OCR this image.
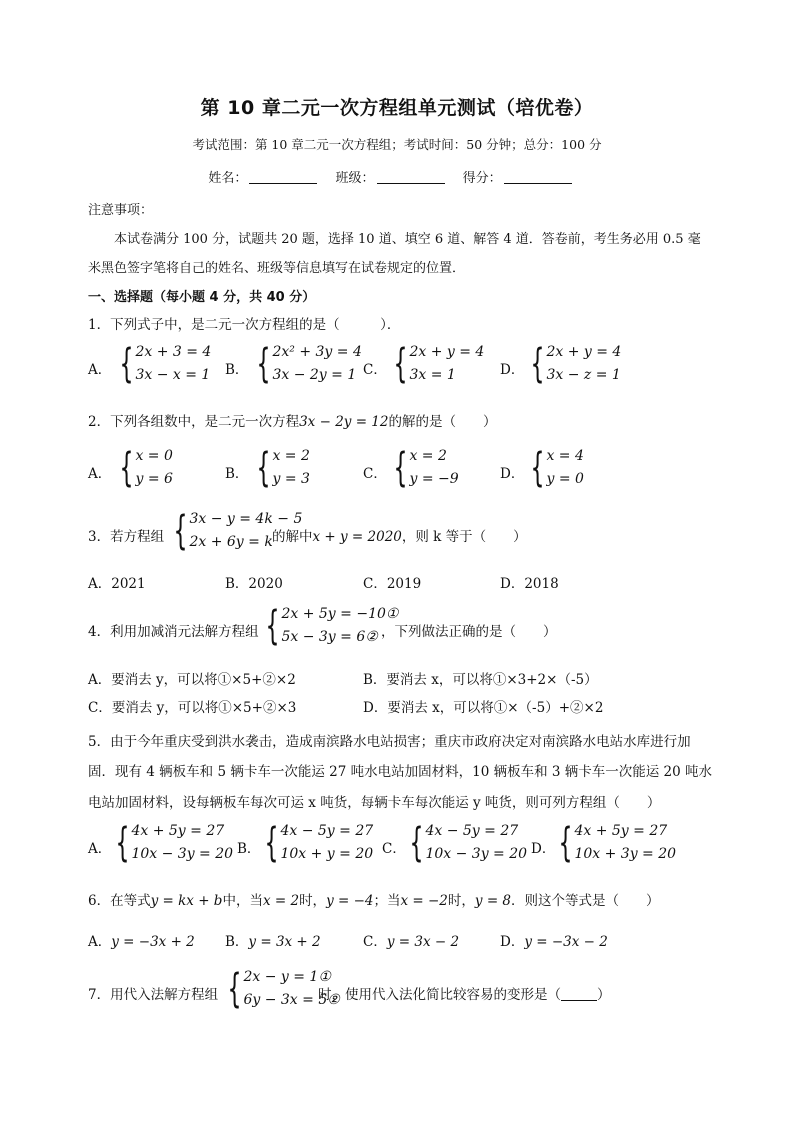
第 10 章二元一次方程组单元测试（培优卷）
考试范围：第 10 章二元一次方程组；考试时间：50 分钟；总分：100 分
姓名：	班级：	得分：
注意事项：
本试卷满分 100 分，试题共 20 题，选择 10 道、填空 6 道、解答 4 道．答卷前，考生务必用 0.5 毫
米黑色签字笔将自己的姓名、班级等信息填写在试卷规定的位置．
一、选择题（每小题 4 分，共 40 分）
1．下列式子中，是二元一次方程组的是（　　　）．
A． { 2x + 3 = 4
3x − x = 1 B． { 2x² + 3y = 4
3x − 2y = 1 C． { 2x + y = 4
3x = 1	D． { 2x + y = 4
3x − z = 1
2．下列各组数中，是二元一次方程3x − 2y = 12的解的是（　　）
A． { x = 0
y = 6	B． { x = 2
y = 3	C． { x = 2
y = −9	D． { x = 4
y = 0
3．若方程组 { 3x − y = 4k − 5
2x + 6y = k 的解中x + y = 2020，则 k 等于（　　）
A．2021	B．2020	C．2019	D．2018
4．利用加减消元法解方程组 { 2x + 5y = −10①
5x − 3y = 6② ，下列做法正确的是（　　）
A．要消去 y，可以将①×5+②×2	B．要消去 x，可以将①×3+2×（-5）
C．要消去 y，可以将①×5+②×3	D．要消去 x，可以将①×（-5）+②×2
5．由于今年重庆受到洪水袭击，造成南滨路水电站损害；重庆市政府决定对南滨路水电站水库进行加
固．现有 4 辆板车和 5 辆卡车一次能运 27 吨水电站加固材料，10 辆板车和 3 辆卡车一次能运 20 吨水
电站加固材料，设每辆板车每次可运 x 吨货，每辆卡车每次能运 y 吨货，则可列方程组（　　）
A． { 4x + 5y = 27
10x − 3y = 20 B． { 4x − 5y = 27
10x + y = 20 C． { 4x − 5y = 27
10x − 3y = 20 D． { 4x + 5y = 27
10x + 3y = 20
6．在等式y = kx + b中，当x = 2时，y = −4；当x = −2时，y = 8．则这个等式是（　　）
A．y = −3x + 2 B．y = 3x + 2	C．y = 3x − 2	D．y = −3x − 2
7．用代入法解方程组 { 2x − y = 1①
6y − 3x = 5②
时，使用代入法化简比较容易的变形是（	）
